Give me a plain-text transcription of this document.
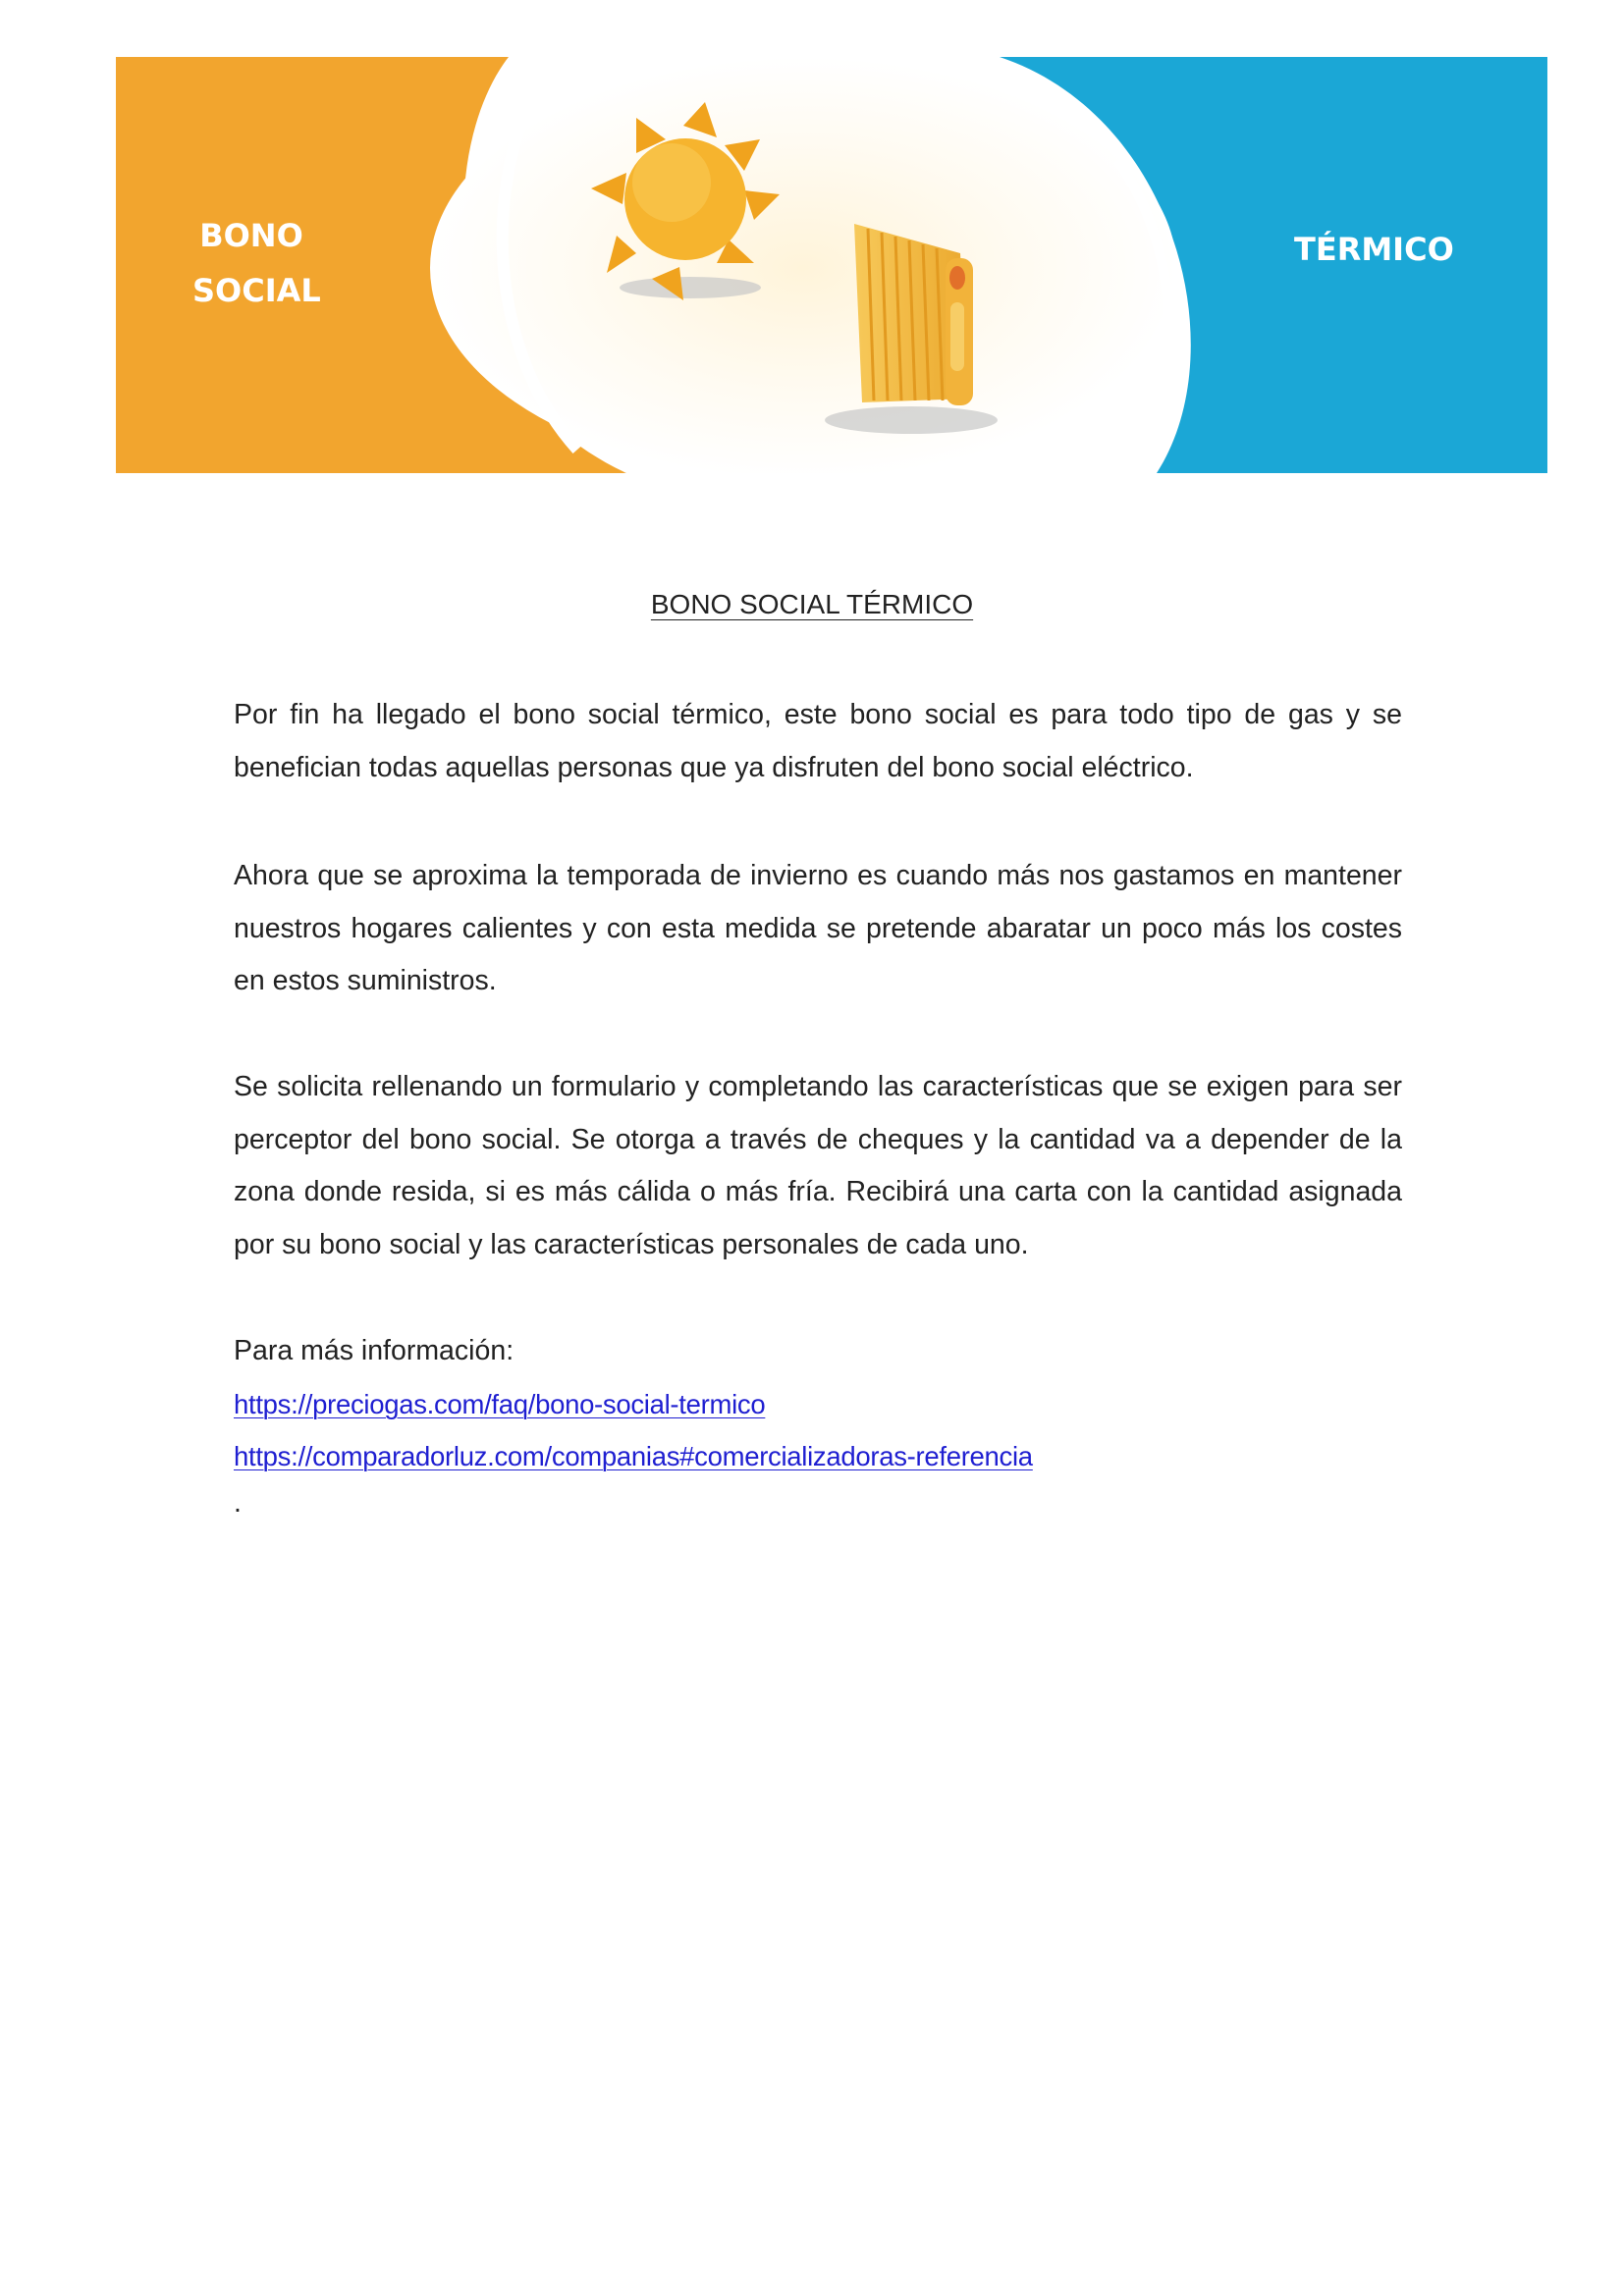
BONO
SOCIAL
TÉRMICO
BONO SOCIAL TÉRMICO
Por fin ha llegado el bono social térmico, este bono social es para todo tipo de gas y se benefician todas aquellas personas que ya disfruten del bono social eléctrico.
Ahora que se aproxima la temporada de invierno es cuando más nos gastamos en mantener nuestros hogares calientes y con esta medida se pretende abaratar un poco más los costes en estos suministros.
Se solicita rellenando un formulario y completando las características que se exigen para ser perceptor del bono social. Se otorga a través de cheques y la cantidad va a depender de la zona donde resida, si es más cálida o más fría. Recibirá una carta con la cantidad asignada por su bono social y las características personales de cada uno.
Para más información:
https://preciogas.com/faq/bono-social-termico
https://comparadorluz.com/companias#comercializadoras-referencia
.
